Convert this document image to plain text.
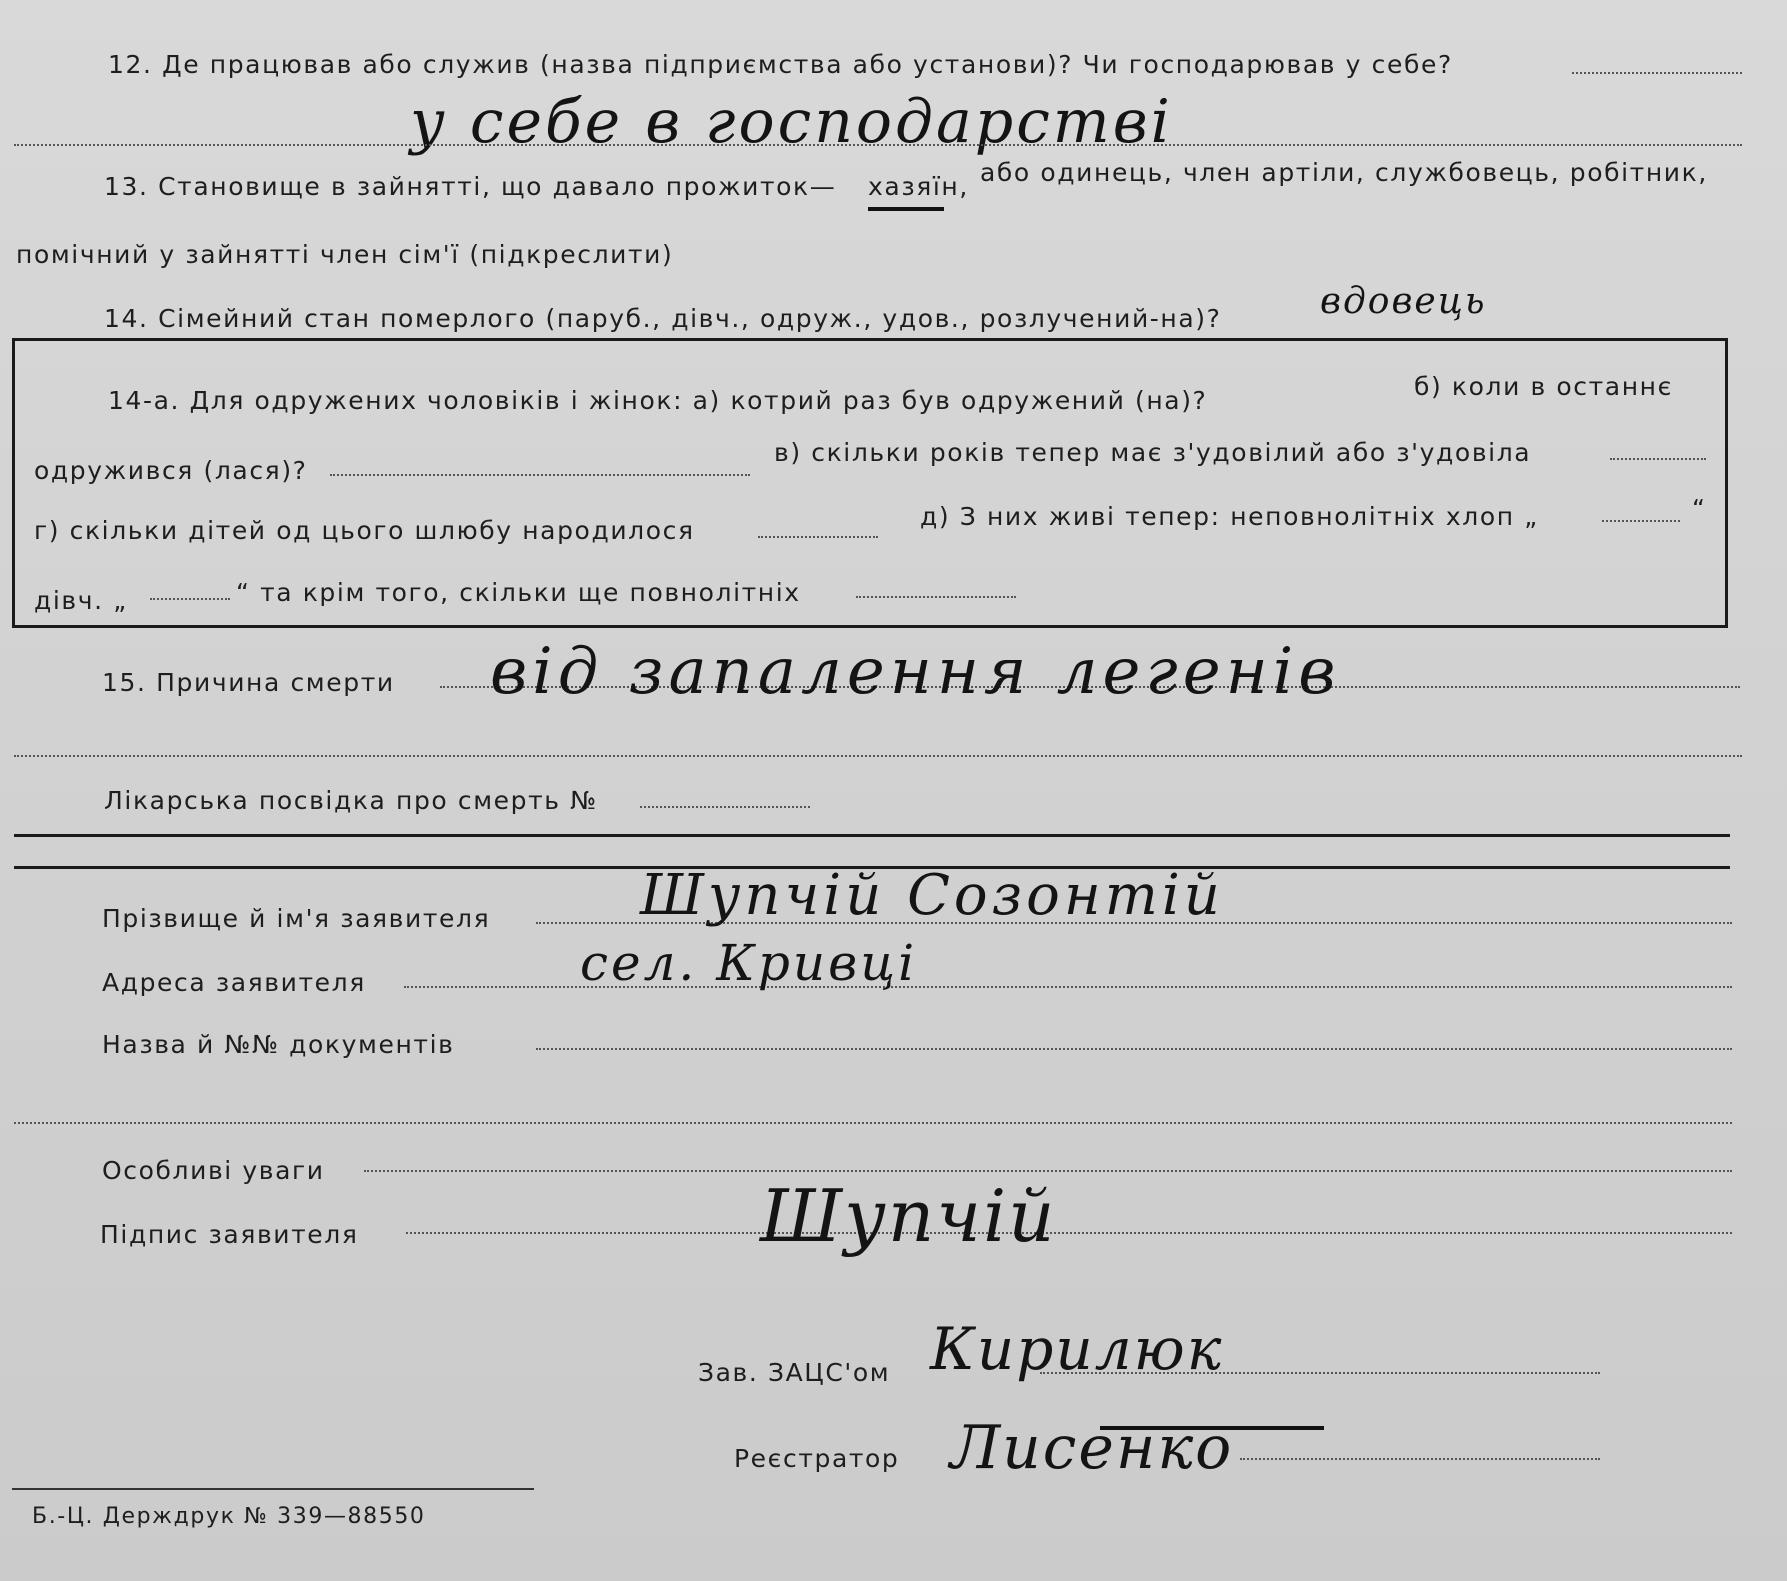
12. Де працював або служив (назва підприємства або установи)? Чи господарював у себе?
у себе в господарстві
13. Становище в зайнятті, що давало прожиток— хазяїн, або одинець, член артіли, службовець, робітник,
помічний у зайнятті член сім'ї (підкреслити)
14. Сімейний стан померлого (паруб., дівч., одруж., удов., розлучений-на)?	вдовець
14-а. Для одружених чоловіків і жінок: а) котрий раз був одружений (на)?	б) коли в останнє
одружився (лася)?
в) скільки років тепер має з'удовілий або з'удовіла
г) скільки дітей од цього шлюбу народилося	д) З них живі тепер: неповнолітніх хлоп „	“
дівч. „	“ та крім того, скільки ще повнолітніх
15. Причина смерти від запалення легенів
Лікарська посвідка про смерть №
Прізвище й ім'я заявителя	Шупчій Созонтій
Адреса заявителя	сел. Кривці
Назва й №№ документів
Особливі уваги
Підпис заявителя	Шупчій
Зав. ЗАЦС'ом Кирилюк
Реєстратор Лисенко
Б.-Ц. Держдрук № 339—88550
